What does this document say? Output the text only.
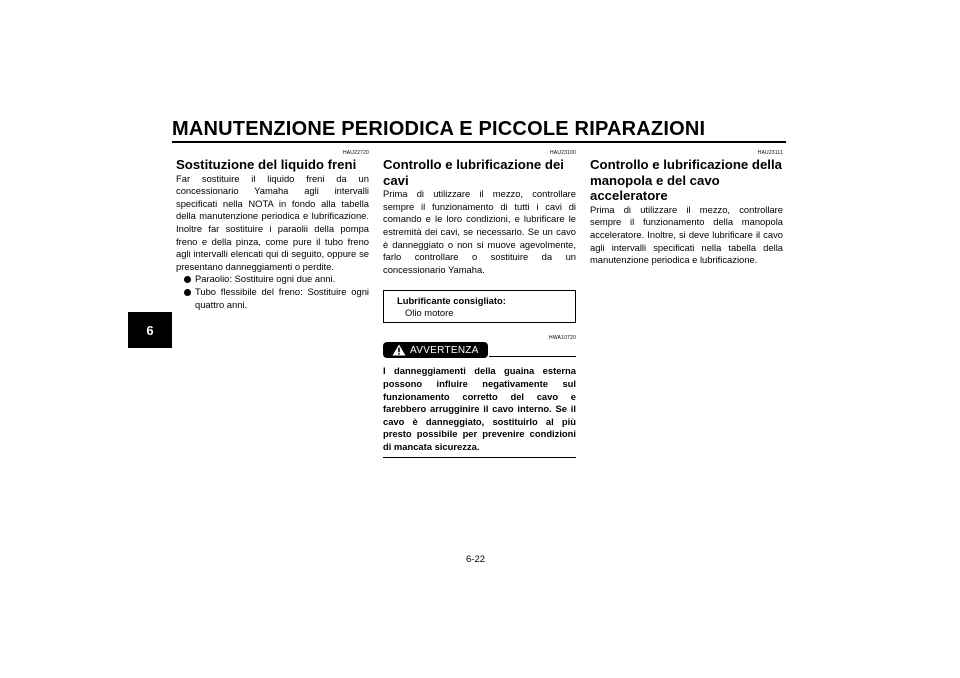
MANUTENZIONE PERIODICA E PICCOLE RIPARAZIONI
6
HAU22720
Sostituzione del liquido freni

Far sostituire il liquido freni da un concessionario Yamaha agli intervalli specificati nella NOTA in fondo alla tabella della manutenzione periodica e lubrificazione. Inoltre far sostituire i paraolii della pompa freno e della pinza, come pure il tubo freno agli intervalli elencati qui di seguito, oppure se presentano danneggiamenti o perdite.

Paraolio: Sostituire ogni due anni.
Tubo flessibile del freno: Sostituire ogni quattro anni.
HAU23100
Controllo e lubrificazione dei cavi

Prima di utilizzare il mezzo, controllare sempre il funzionamento di tutti i cavi di comando e le loro condizioni, e lubrificare le estremità dei cavi, se necessario. Se un cavo è danneggiato o non si muove agevolmente, farlo controllare o sostituire da un concessionario Yamaha.

Lubrificante consigliato:
Olio motore
HWA10720
AVVERTENZA

I danneggiamenti della guaina esterna possono influire negativamente sul funzionamento corretto del cavo e farebbero arrugginire il cavo interno. Se il cavo è danneggiato, sostituirlo al più presto possibile per prevenire condizioni di mancata sicurezza.

HAU23111
Controllo e lubrificazione della manopola e del cavo acceleratore

Prima di utilizzare il mezzo, controllare sempre il funzionamento della manopola acceleratore. Inoltre, si deve lubrificare il cavo agli intervalli specificati nella tabella della manutenzione periodica e lubrificazione.

6-22
